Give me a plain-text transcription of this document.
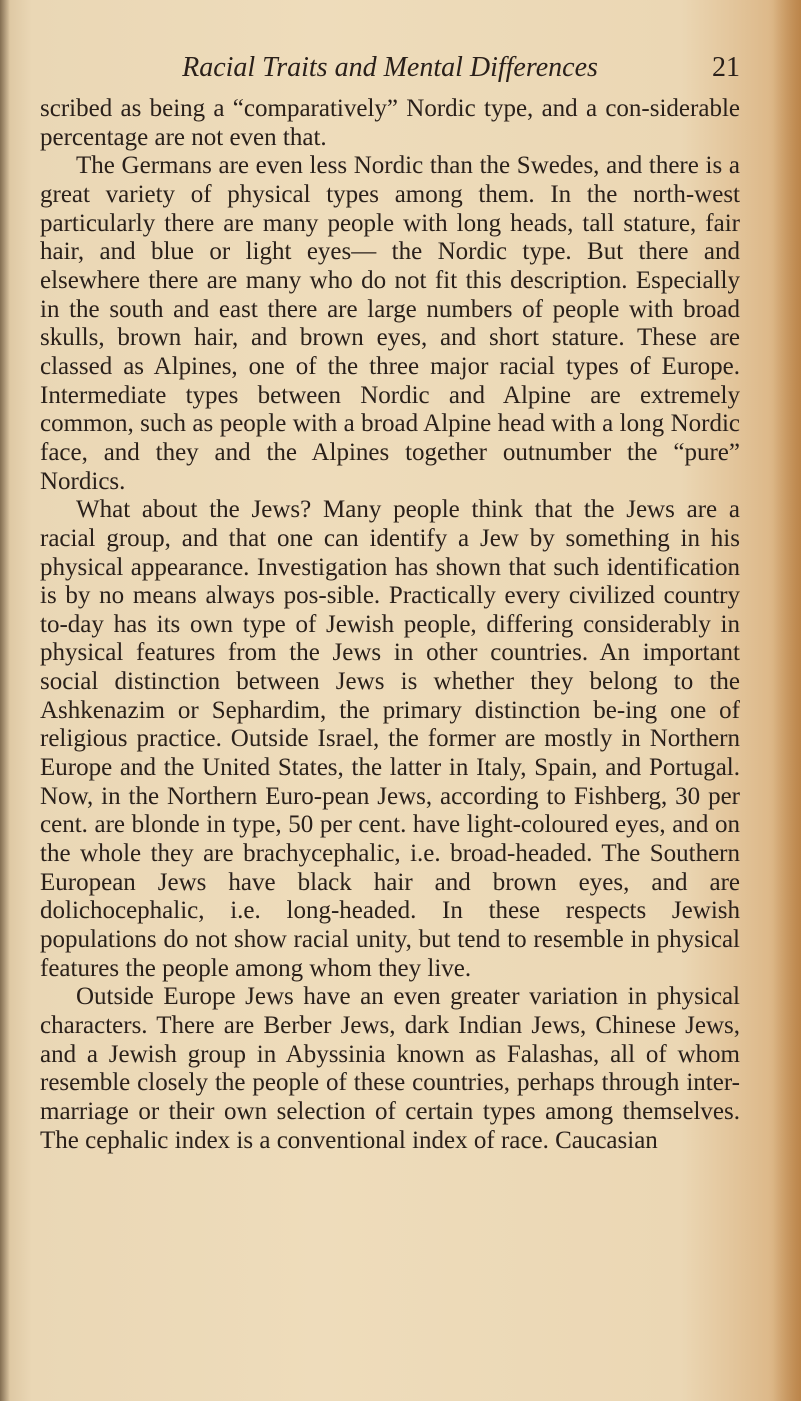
Racial Traits and Mental Differences	21

scribed as being a “comparatively” Nordic type, and a con-siderable percentage are not even that.

The Germans are even less Nordic than the Swedes, and there is a great variety of physical types among them. In the north-west particularly there are many people with long heads, tall stature, fair hair, and blue or light eyes— the Nordic type. But there and elsewhere there are many who do not fit this description. Especially in the south and east there are large numbers of people with broad skulls, brown hair, and brown eyes, and short stature. These are classed as Alpines, one of the three major racial types of Europe. Intermediate types between Nordic and Alpine are extremely common, such as people with a broad Alpine head with a long Nordic face, and they and the Alpines together outnumber the “pure” Nordics.

What about the Jews? Many people think that the Jews are a racial group, and that one can identify a Jew by something in his physical appearance. Investigation has shown that such identification is by no means always pos-sible. Practically every civilized country to-day has its own type of Jewish people, differing considerably in physical features from the Jews in other countries. An important social distinction between Jews is whether they belong to the Ashkenazim or Sephardim, the primary distinction be-ing one of religious practice. Outside Israel, the former are mostly in Northern Europe and the United States, the latter in Italy, Spain, and Portugal. Now, in the Northern Euro-pean Jews, according to Fishberg, 30 per cent. are blonde in type, 50 per cent. have light-coloured eyes, and on the whole they are brachycephalic, i.e. broad-headed. The Southern European Jews have black hair and brown eyes, and are dolichocephalic, i.e. long-headed. In these respects Jewish populations do not show racial unity, but tend to resemble in physical features the people among whom they live.

Outside Europe Jews have an even greater variation in physical characters. There are Berber Jews, dark Indian Jews, Chinese Jews, and a Jewish group in Abyssinia known as Falashas, all of whom resemble closely the people of these countries, perhaps through inter-marriage or their own selection of certain types among themselves. The cephalic index is a conventional index of race. Caucasian
